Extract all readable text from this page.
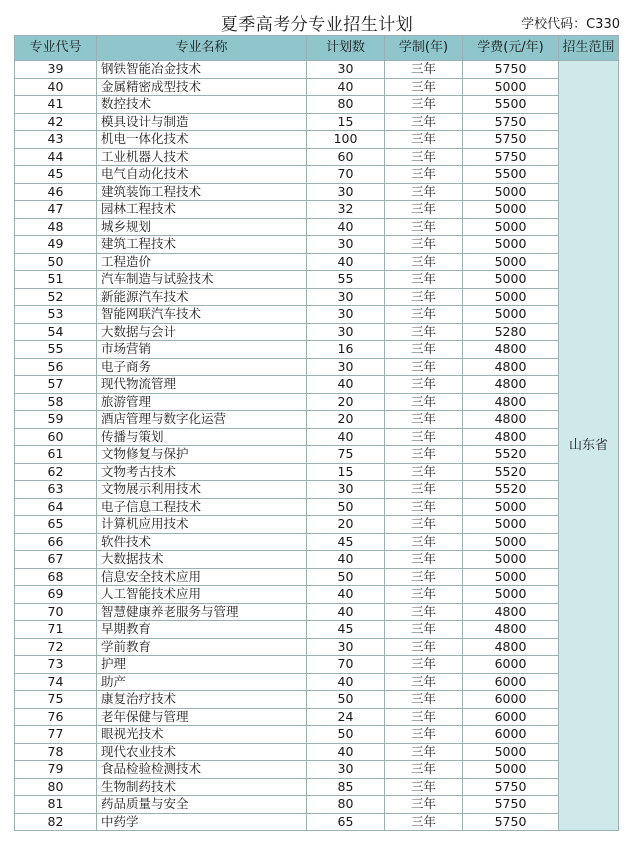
夏季高考分专业招生计划	学校代码：C330
专业代号	专业名称	计划数	学制(年)	学费(元/年)	招生范围
39	钢铁智能冶金技术	30	三年	5750	山东省
40	金属精密成型技术	40	三年	5000	
41	数控技术	80	三年	5500	
42	模具设计与制造	15	三年	5750	
43	机电一体化技术	100	三年	5750	
44	工业机器人技术	60	三年	5750	
45	电气自动化技术	70	三年	5500	
46	建筑装饰工程技术	30	三年	5000	
47	园林工程技术	32	三年	5000	
48	城乡规划	40	三年	5000	
49	建筑工程技术	30	三年	5000	
50	工程造价	40	三年	5000	
51	汽车制造与试验技术	55	三年	5000	
52	新能源汽车技术	30	三年	5000	
53	智能网联汽车技术	30	三年	5000	
54	大数据与会计	30	三年	5280	
55	市场营销	16	三年	4800	
56	电子商务	30	三年	4800	
57	现代物流管理	40	三年	4800	
58	旅游管理	20	三年	4800	
59	酒店管理与数字化运营	20	三年	4800	
60	传播与策划	40	三年	4800	
61	文物修复与保护	75	三年	5520	
62	文物考古技术	15	三年	5520	
63	文物展示利用技术	30	三年	5520	
64	电子信息工程技术	50	三年	5000	
65	计算机应用技术	20	三年	5000	
66	软件技术	45	三年	5000	
67	大数据技术	40	三年	5000	
68	信息安全技术应用	50	三年	5000	
69	人工智能技术应用	40	三年	5000	
70	智慧健康养老服务与管理	40	三年	4800	
71	早期教育	45	三年	4800	
72	学前教育	30	三年	4800	
73	护理	70	三年	6000	
74	助产	40	三年	6000	
75	康复治疗技术	50	三年	6000	
76	老年保健与管理	24	三年	6000	
77	眼视光技术	50	三年	6000	
78	现代农业技术	40	三年	5000	
79	食品检验检测技术	30	三年	5000	
80	生物制药技术	85	三年	5750	
81	药品质量与安全	80	三年	5750	
82	中药学	65	三年	5750	
